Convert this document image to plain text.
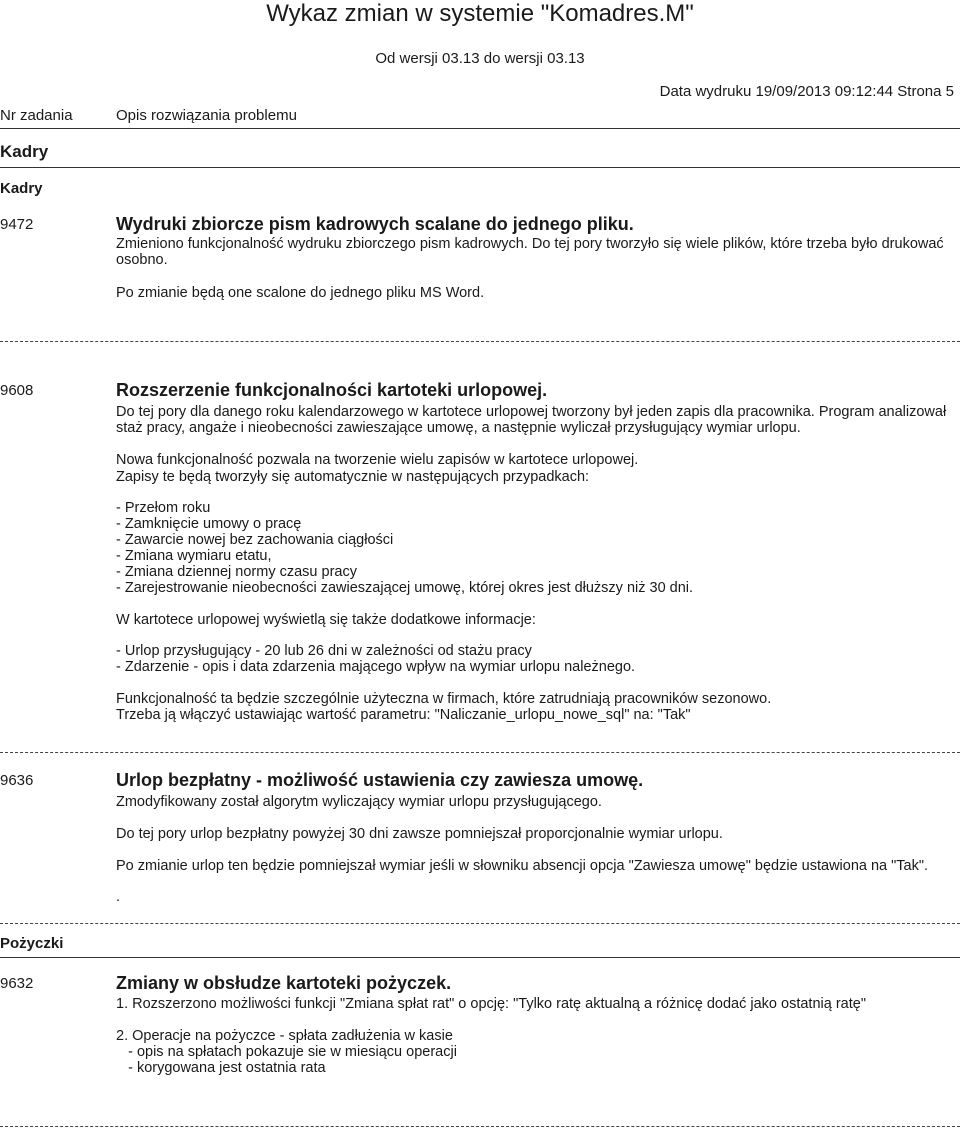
Wykaz zmian w systemie "Komadres.M"
Od wersji 03.13 do wersji 03.13
Data wydruku 19/09/2013 09:12:44 Strona 5
Nr zadania	Opis rozwiązania problemu
Kadry
Kadry
9472	Wydruki zbiorcze pism kadrowych scalane do jednego pliku.
Zmieniono funkcjonalność wydruku zbiorczego pism kadrowych. Do tej pory tworzyło się wiele plików, które trzeba było drukować osobno.
Po zmianie będą one scalone do jednego pliku MS Word.
9608	Rozszerzenie funkcjonalności kartoteki urlopowej.
Do tej pory dla danego roku kalendarzowego w kartotece urlopowej tworzony był jeden zapis dla pracownika. Program analizował staż pracy, angaże i nieobecności zawieszające umowę, a następnie wyliczał przysługujący wymiar urlopu.
Nowa funkcjonalność pozwala na tworzenie wielu zapisów w kartotece urlopowej.
Zapisy te będą tworzyły się automatycznie w następujących przypadkach:
- Przełom roku
- Zamknięcie umowy o pracę
- Zawarcie nowej bez zachowania ciągłości
- Zmiana wymiaru etatu,
- Zmiana dziennej normy czasu pracy
- Zarejestrowanie nieobecności zawieszającej umowę, której okres jest dłuższy niż 30 dni.
W kartotece urlopowej wyświetlą się także dodatkowe informacje:
- Urlop przysługujący - 20 lub 26 dni w zależności od stażu pracy
- Zdarzenie - opis i data zdarzenia mającego wpływ na wymiar urlopu należnego.
Funkcjonalność ta będzie szczególnie użyteczna w firmach, które zatrudniają pracowników sezonowo.
Trzeba ją włączyć ustawiając wartość parametru: "Naliczanie_urlopu_nowe_sql" na: "Tak"
9636	Urlop bezpłatny - możliwość ustawienia czy zawiesza umowę.
Zmodyfikowany został algorytm wyliczający wymiar urlopu przysługującego.
Do tej pory urlop bezpłatny powyżej 30 dni zawsze pomniejszał proporcjonalnie wymiar urlopu.
Po zmianie urlop ten będzie pomniejszał wymiar jeśli w słowniku absencji opcja "Zawiesza umowę" będzie ustawiona na "Tak".
.
Pożyczki
9632	Zmiany w obsłudze kartoteki pożyczek.
1. Rozszerzono możliwości funkcji "Zmiana spłat rat" o opcję: "Tylko ratę aktualną a różnicę dodać jako ostatnią ratę"
2. Operacje na pożyczce - spłata zadłużenia w kasie
- opis na spłatach pokazuje sie w miesiącu operacji
- korygowana jest ostatnia rata
